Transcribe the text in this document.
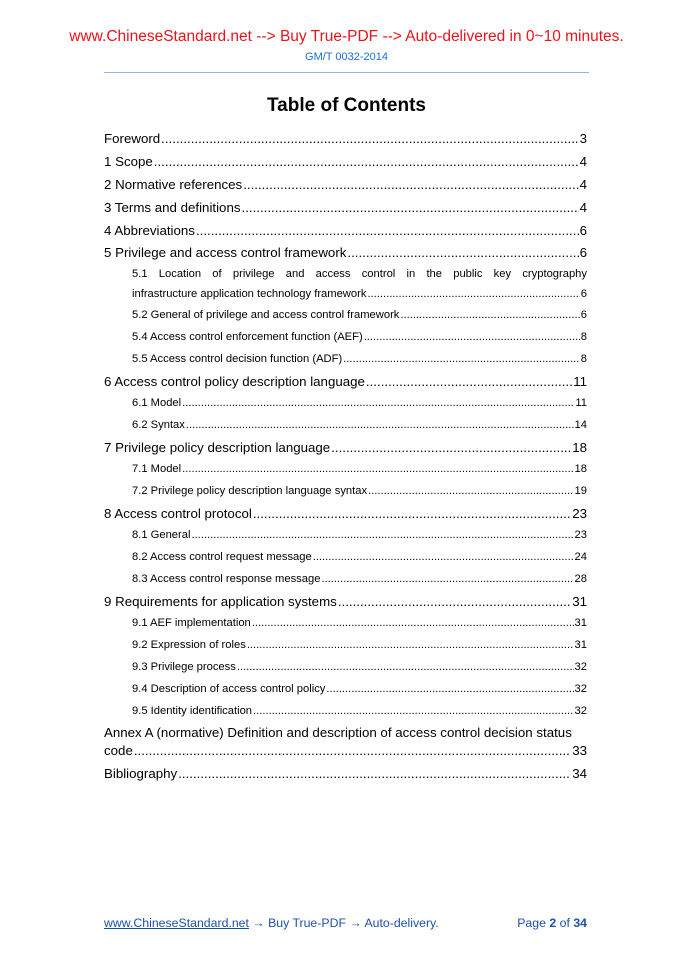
www.ChineseStandard.net --> Buy True-PDF --> Auto-delivered in 0~10 minutes.
GM/T 0032-2014
Table of Contents
Foreword .....	3
1 Scope .....	4
2 Normative references .....	4
3 Terms and definitions .....	4
4 Abbreviations .....	6
5 Privilege and access control framework .....	6
5.1 Location of privilege and access control in the public key cryptography
infrastructure application technology framework .....	6
5.2 General of privilege and access control framework .....	6
5.4 Access control enforcement function (AEF) .....	8
5.5 Access control decision function (ADF) .....	8
6 Access control policy description language .....	11
6.1 Model .....	11
6.2 Syntax .....	14
7 Privilege policy description language .....	18
7.1 Model .....	18
7.2 Privilege policy description language syntax .....	19
8 Access control protocol .....	23
8.1 General .....	23
8.2 Access control request message .....	24
8.3 Access control response message .....	28
9 Requirements for application systems .....	31
9.1 AEF implementation .....	31
9.2 Expression of roles .....	31
9.3 Privilege process .....	32
9.4 Description of access control policy .....	32
9.5 Identity identification .....	32
Annex A (normative) Definition and description of access control decision status
code .....	33
Bibliography .....	34
www.ChineseStandard.net → Buy True-PDF → Auto-delivery.	Page 2 of 34
